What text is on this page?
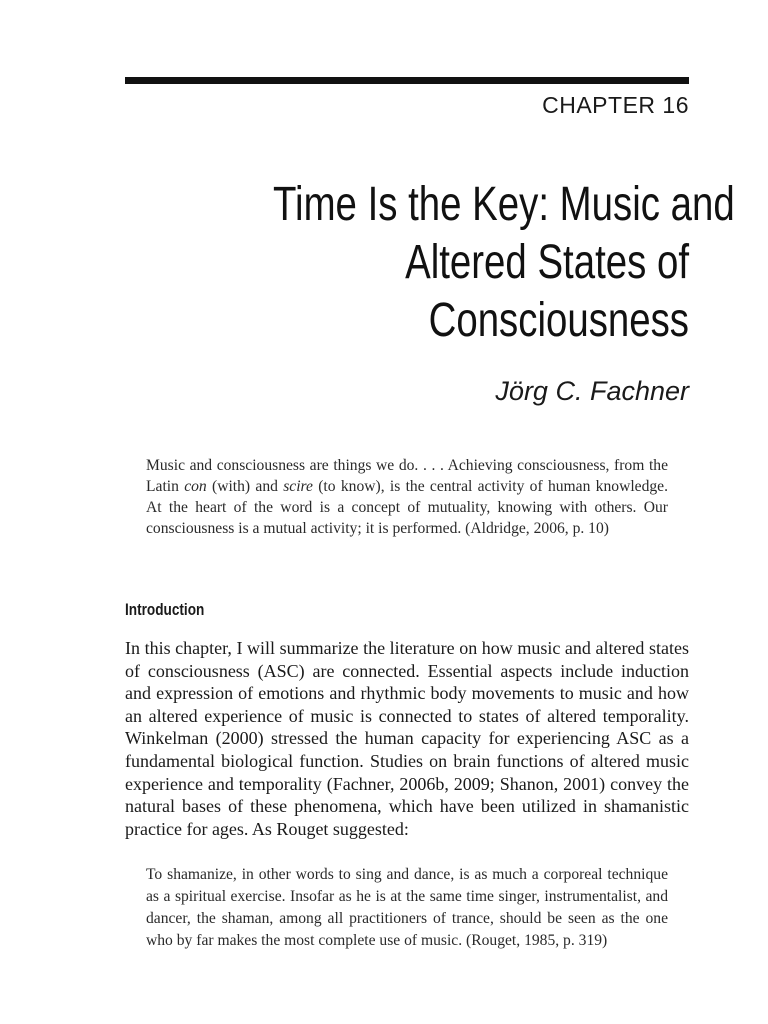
CHAPTER 16
Time Is the Key: Music and
Altered States of
Consciousness
Jörg C. Fachner

Music and consciousness are things we do. . . . Achieving consciousness, from the Latin con (with) and scire (to know), is the central activity of human knowledge. At the heart of the word is a concept of mutuality, knowing with others. Our consciousness is a mutual activity; it is performed. (Aldridge, 2006, p. 10)

Introduction

In this chapter, I will summarize the literature on how music and altered states of consciousness (ASC) are connected. Essential aspects include induction and expression of emotions and rhythmic body movements to music and how an altered experience of music is connected to states of altered temporality. Winkelman (2000) stressed the human capacity for experiencing ASC as a fundamental biological function. Studies on brain functions of altered music experience and temporality (Fachner, 2006b, 2009; Shanon, 2001) convey the natural bases of these phenomena, which have been utilized in shamanistic practice for ages. As Rouget suggested:

To shamanize, in other words to sing and dance, is as much a corporeal technique as a spiritual exercise. Insofar as he is at the same time singer, instrumentalist, and dancer, the shaman, among all practitioners of trance, should be seen as the one who by far makes the most complete use of music. (Rouget, 1985, p. 319)
